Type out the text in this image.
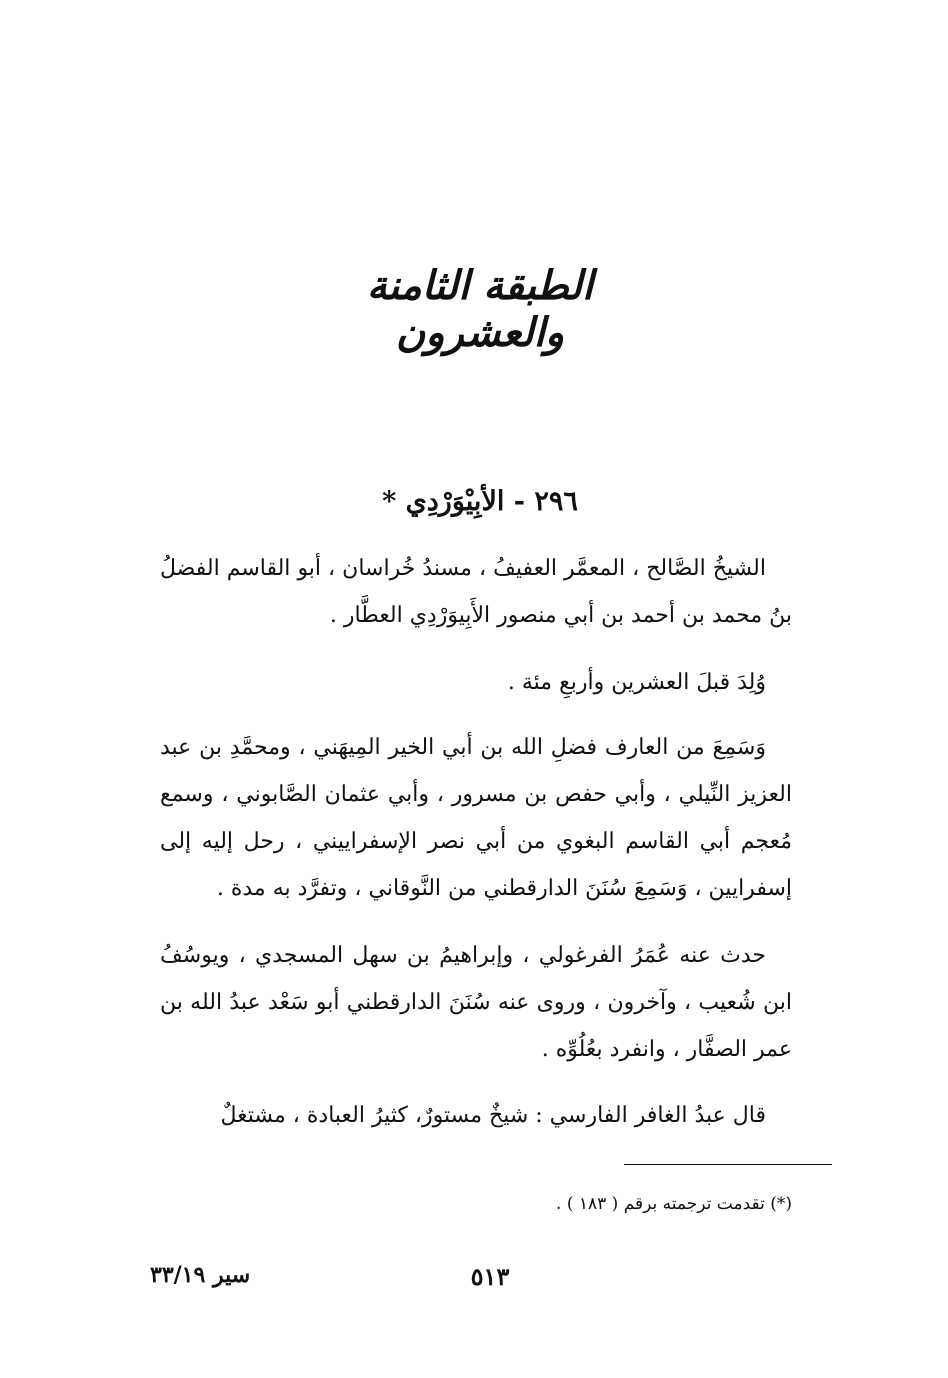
الطبقة الثامنة والعشرون
٢٩٦ - الأبِيْوَرْدِي *
الشيخُ الصَّالح ، المعمَّر العفيفُ ، مسندُ خُراسان ، أبو القاسم الفضلُ بنُ محمد بن أحمد بن أبي منصور الأَبِيوَرْدِي العطَّار .
وُلِدَ قبلَ العشرين وأربعِ مئة .
وَسَمِعَ من العارف فضلِ الله بن أبي الخير المِيهَني ، ومحمَّدِ بن عبد العزيز النِّيلي ، وأبي حفص بن مسرور ، وأبي عثمان الصَّابوني ، وسمع مُعجم أبي القاسم البغوي من أبي نصر الإسفراييني ، رحل إليه إلى إسفرايين ، وَسَمِعَ سُنَنَ الدارقطني من النَّوقاني ، وتفرَّد به مدة .
حدث عنه عُمَرُ الفرغولي ، وإبراهيمُ بن سهل المسجدي ، ويوسُفُ ابن شُعيب ، وآخرون ، وروى عنه سُنَنَ الدارقطني أبو سَعْد عبدُ الله بن عمر الصفَّار ، وانفرد بعُلُوِّه .
قال عبدُ الغافر الفارسي : شيخٌ مستورٌ، كثيرُ العبادة ، مشتغلٌ
(*) تقدمت ترجمته برقم ( ١٨٣ ) .
٥١٣
سير ٣٣/١٩
